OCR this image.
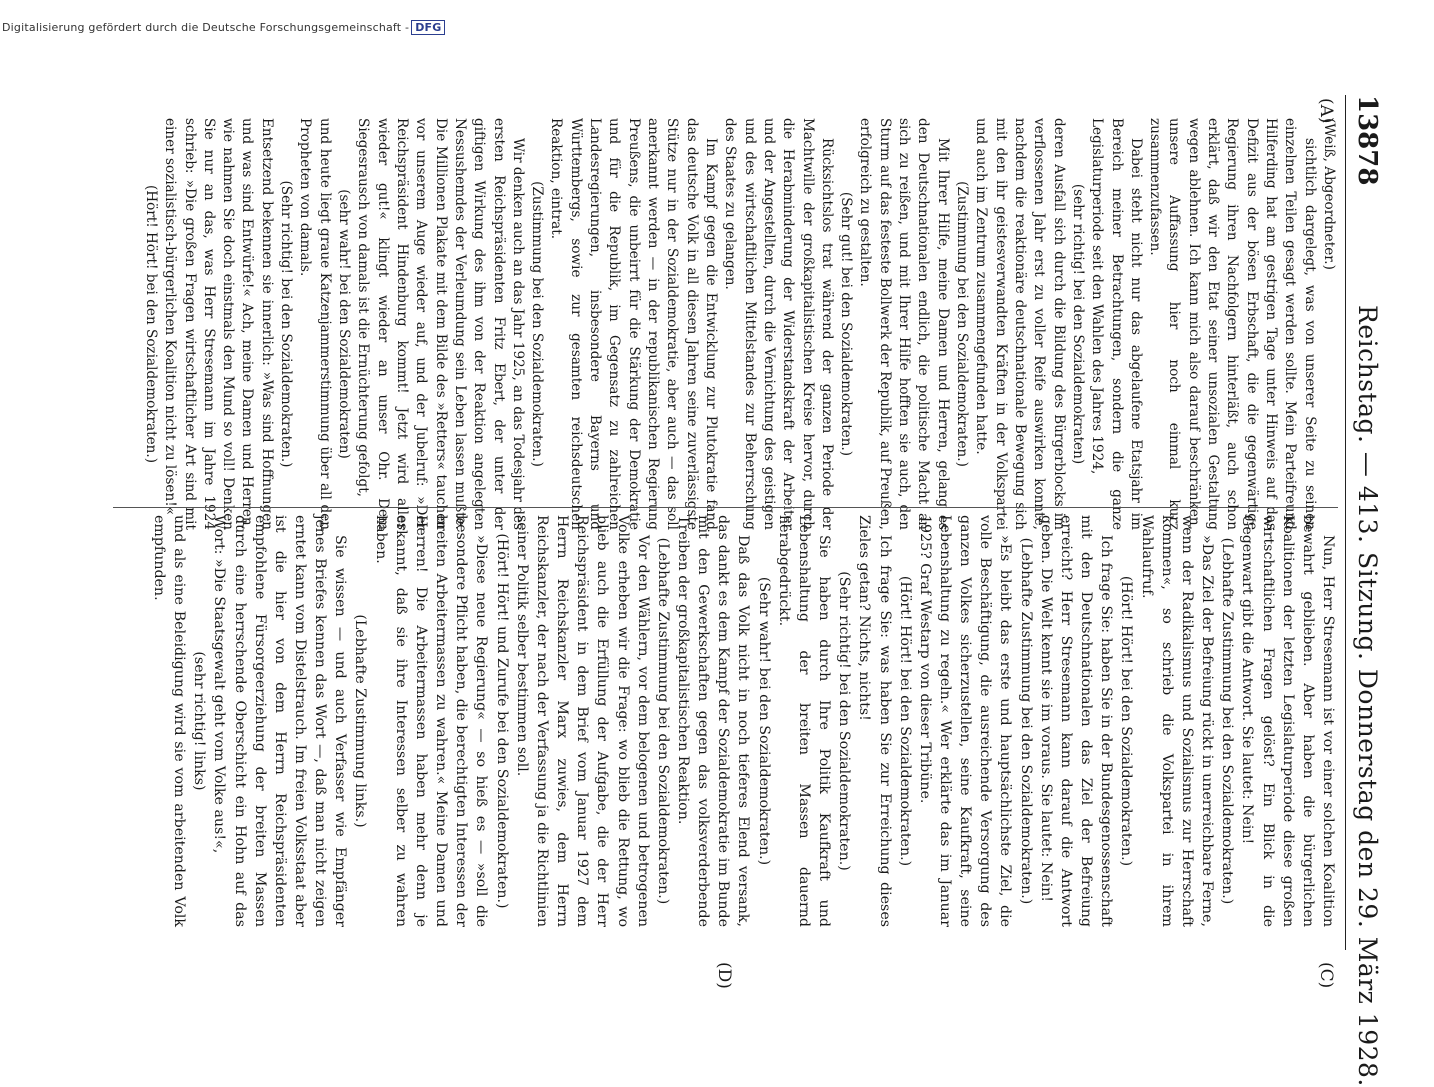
13878
Reichstag. — 413. Sitzung. Donnerstag den 29. März 1928.
(A)
(C)
(D)

(Weiß, Abgeordneter.)

sichtlich dargelegt, was von unserer Seite zu seinen einzelnen Teilen gesagt werden sollte. Mein Parteifreund Hilferding hat am gestrigen Tage unter Hinweis auf das Defizit aus der bösen Erbschaft, die die gegenwärtige Regierung ihren Nachfolgern hinterläßt, auch schon erklärt, daß wir den Etat seiner unsozialen Gestaltung wegen ablehnen. Ich kann mich also darauf beschränken, unsere Auffassung hier noch einmal kurz zusammenzufassen.

Dabei steht nicht nur das abgelaufene Etatsjahr im Bereich meiner Betrachtungen, sondern die ganze Legislaturperiode seit den Wahlen des Jahres 1924,

(sehr richtig! bei den Sozialdemokraten)

deren Ausfall sich durch die Bildung des Bürgerblocks im verflossenen Jahr erst zu voller Reife auswirken konnte, nachdem die reaktionäre deutschnationale Bewegung sich mit den ihr geistesverwandten Kräften in der Volkspartei und auch im Zentrum zusammengefunden hatte.

(Zustimmung bei den Sozialdemokraten.)

Mit Ihrer Hilfe, meine Damen und Herren, gelang es den Deutschnationalen endlich, die politische Macht an sich zu reißen, und mit Ihrer Hilfe hofften sie auch, den Sturm auf das festeste Bollwerk der Republik, auf Preußen, erfolgreich zu gestalten.

(Sehr gut! bei den Sozialdemokraten.)

Rücksichtslos trat während der ganzen Periode der Machtwille der großkapitalistischen Kreise hervor, durch die Herabminderung der Widerstandskraft der Arbeiter und der Angestellten, durch die Vernichtung des geistigen und des wirtschaftlichen Mittelstandes zur Beherrschung des Staates zu gelangen.

Im Kampf gegen die Entwicklung zur Plutokratie fand das deutsche Volk in all diesen Jahren seine zuverlässigste Stütze nur in der Sozialdemokratie, aber auch — das soll anerkannt werden — in der republikanischen Regierung Preußens, die unbeirrt für die Stärkung der Demokratie und für die Republik, im Gegensatz zu zahlreichen Landesregierungen, insbesondere Bayerns und Württembergs, sowie zur gesamten reichsdeutschen Reaktion, eintrat.

(Zustimmung bei den Sozialdemokraten.)

Wir denken auch an das Jahr 1925, an das Todesjahr des ersten Reichspräsidenten Fritz Ebert, der unter der giftigen Wirkung des ihm von der Reaktion angelegten Nessushemdes der Verleumdung sein Leben lassen mußte. Die Millionen Plakate mit dem Bilde des »Retters« tauchen vor unserem Auge wieder auf, und der Jubelruf: »Der Reichspräsident Hindenburg kommt! Jetzt wird alles wieder gut!« klingt wieder an unser Ohr. Dem Siegesrausch von damals ist die Ernüchterung gefolgt,

(sehr wahr! bei den Sozialdemokraten)

und heute liegt graue Katzenjammerstimmung über all den Propheten von damals.

(Sehr richtig! bei den Sozialdemokraten.)

Entsetzend bekennen sie innerlich: »Was sind Hoffnungen und was sind Entwürfe!« Ach, meine Damen und Herren, wie nahmen Sie doch einstmals den Mund so voll! Denken Sie nur an das, was Herr Stresemann im Jahre 1924 schrieb: »Die großen Fragen wirtschaftlicher Art sind mit einer sozialistisch-bürgerlichen Koalition nicht zu lösen!«

(Hört! Hört! bei den Sozialdemokraten.)

Nun, Herr Stresemann ist vor einer solchen Koalition bewahrt geblieben. Aber haben die bürgerlichen Koalitionen der letzten Legislaturperiode diese großen wirtschaftlichen Fragen gelöst? Ein Blick in die Gegenwart gibt die Antwort. Sie lautet: Nein!

(Lebhafte Zustimmung bei den Sozialdemokraten.)

»Das Ziel der Befreiung rückt in unerreichbare Ferne, wenn der Radikalismus und Sozialismus zur Herrschaft kommen«, so schrieb die Volkspartei in ihrem Wahlaufruf.

(Hört! Hört! bei den Sozialdemokraten.)

Ich frage Sie: haben Sie in der Bundesgenossenschaft mit den Deutschnationalen das Ziel der Befreiung erreicht? Herr Stresemann kann darauf die Antwort geben. Die Welt kennt sie im voraus. Sie lautet: Nein!

(Lebhafte Zustimmung bei den Sozialdemokraten.)

»Es bleibt das erste und hauptsächlichste Ziel, die volle Beschäftigung, die ausreichende Versorgung des ganzen Volkes sicherzustellen, seine Kaufkraft, seine Lebenshaltung zu regeln.« Wer erklärte das im Januar 1925? Graf Westarp von dieser Tribüne.

(Hört! Hört! bei den Sozialdemokraten.)

Ich frage Sie: was haben Sie zur Erreichung dieses Zieles getan? Nichts, nichts!

(Sehr richtig! bei den Sozialdemokraten.)

Sie haben durch Ihre Politik Kaufkraft und Lebenshaltung der breiten Massen dauernd herabgedrückt.

(Sehr wahr! bei den Sozialdemokraten.)

Daß das Volk nicht in noch tieferes Elend versank, das dankt es dem Kampf der Sozialdemokratie im Bunde mit den Gewerkschaften gegen das volksverderbende Treiben der großkapitalistischen Reaktion.

(Lebhafte Zustimmung bei den Sozialdemokraten.)

Vor den Wählern, vor dem belogenen und betrogenen Volke erheben wir die Frage: wo blieb die Rettung, wo blieb auch die Erfüllung der Aufgabe, die der Herr Reichspräsident in dem Brief vom Januar 1927 dem Herrn Reichskanzler Marx zuwies, dem Herrn Reichskanzler, der nach der Verfassung ja die Richtlinien seiner Politik selber bestimmen soll.

(Hört! Hört! und Zurufe bei den Sozialdemokraten.)

»Diese neue Regierung« — so hieß es — »soll die besondere Pflicht haben, die berechtigten Interessen der breiten Arbeitermassen zu wahren.« Meine Damen und Herren! Die Arbeitermassen haben mehr denn je erkannt, daß sie ihre Interessen selber zu wahren haben.

(Lebhafte Zustimmung links.)

Sie wissen — und auch Verfasser wie Empfänger jenes Briefes kennen das Wort —, daß man nicht zeigen erntet kann vom Distelstrauch. Im freien Volksstaat aber ist die hier von dem Herrn Reichspräsidenten empfohlene Fürsorgeerziehung der breiten Massen durch eine herrschende Oberschicht ein Hohn auf das Wort: »Die Staatsgewalt geht vom Volke aus!«,

(sehr richtig! links)

und als eine Beleidigung wird sie vom arbeitenden Volk empfunden.

Digitalisierung gefördert durch die Deutsche Forschungsgemeinschaft - DFG
